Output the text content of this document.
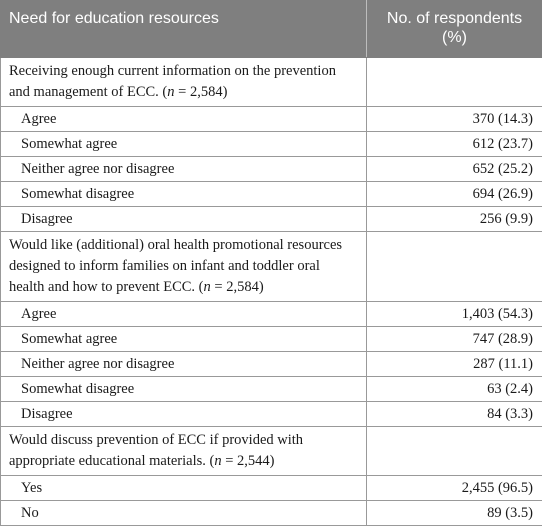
Need for education resources	No. of respondents (%)
Receiving enough current information on the prevention and management of ECC. (n = 2,584)	
Agree	370 (14.3)
Somewhat agree	612 (23.7)
Neither agree nor disagree	652 (25.2)
Somewhat disagree	694 (26.9)
Disagree	256 (9.9)
Would like (additional) oral health promotional resources designed to inform families on infant and toddler oral health and how to prevent ECC. (n = 2,584)	
Agree	1,403 (54.3)
Somewhat agree	747 (28.9)
Neither agree nor disagree	287 (11.1)
Somewhat disagree	63 (2.4)
Disagree	84 (3.3)
Would discuss prevention of ECC if provided with appropriate educational materials. (n = 2,544)	
Yes	2,455 (96.5)
No	89 (3.5)
